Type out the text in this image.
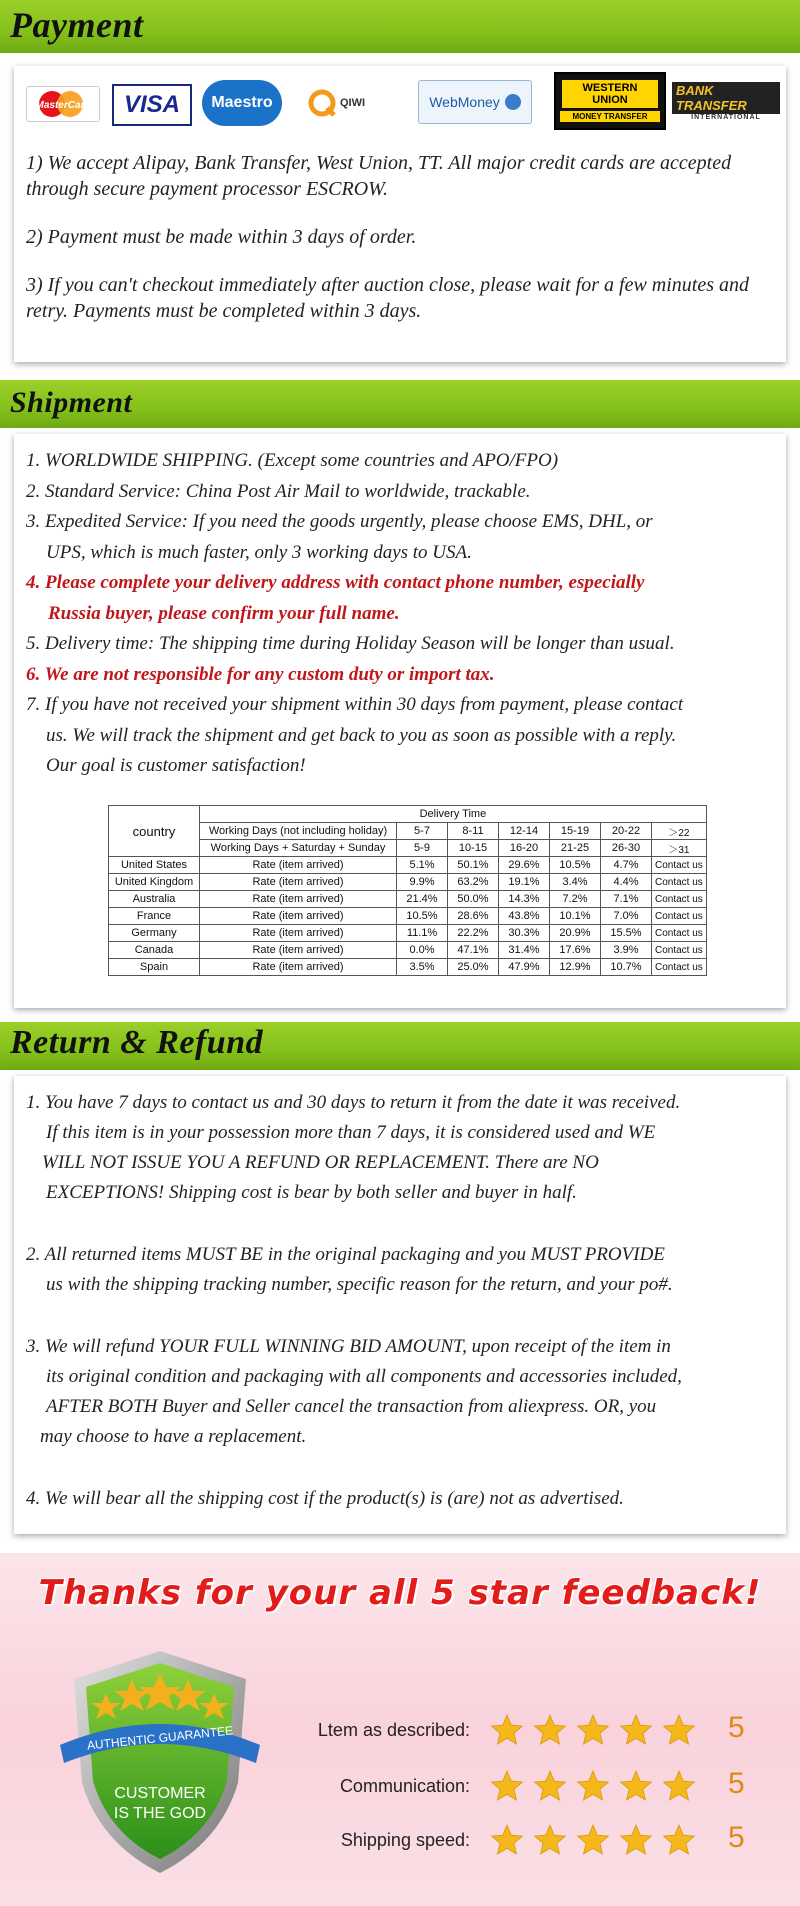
Payment
MasterCard VISA Maestro	QIWI	WebMoney
WESTERN UNION
MONEY TRANSFER
BANK TRANSFER
INTERNATIONAL

1) We accept Alipay, Bank Transfer, West Union, TT. All major credit cards are accepted through secure payment processor ESCROW.

2) Payment must be made within 3 days of order.

3) If you can't checkout immediately after auction close, please wait for a few minutes and retry. Payments must be completed within 3 days.

Shipment
1. WORLDWIDE SHIPPING. (Except some countries and APO/FPO)
2. Standard Service: China Post Air Mail to worldwide, trackable.
3. Expedited Service: If you need the goods urgently, please choose EMS, DHL, or
UPS, which is much faster, only 3 working days to USA.
4. Please complete your delivery address with contact phone number, especially
Russia buyer, please confirm your full name.
5. Delivery time: The shipping time during Holiday Season will be longer than usual.
6. We are not responsible for any custom duty or import tax.
7. If you have not received your shipment within 30 days from payment, please contact
us. We will track the shipment and get back to you as soon as possible with a reply.
Our goal is customer satisfaction!
country	Delivery Time						
	Working Days (not including holiday)	5-7	8-11	12-14	15-19	20-22	＞22
	Working Days + Saturday + Sunday	5-9	10-15	16-20	21-25	26-30	＞31
United States	Rate (item arrived)	5.1%	50.1%	29.6%	10.5%	4.7%	Contact us
United Kingdom	Rate (item arrived)	9.9%	63.2%	19.1%	3.4%	4.4%	Contact us
Australia	Rate (item arrived)	21.4%	50.0%	14.3%	7.2%	7.1%	Contact us
France	Rate (item arrived)	10.5%	28.6%	43.8%	10.1%	7.0%	Contact us
Germany	Rate (item arrived)	11.1%	22.2%	30.3%	20.9%	15.5%	Contact us
Canada	Rate (item arrived)	0.0%	47.1%	31.4%	17.6%	3.9%	Contact us
Spain	Rate (item arrived)	3.5%	25.0%	47.9%	12.9%	10.7%	Contact us
Return & Refund
1. You have 7 days to contact us and 30 days to return it from the date it was received.
If this item is in your possession more than 7 days, it is considered used and WE
WILL NOT ISSUE YOU A REFUND OR REPLACEMENT. There are NO
EXCEPTIONS! Shipping cost is bear by both seller and buyer in half.
2. All returned items MUST BE in the original packaging and you MUST PROVIDE
us with the shipping tracking number, specific reason for the return, and your po#.
3. We will refund YOUR FULL WINNING BID AMOUNT, upon receipt of the item in
its original condition and packaging with all components and accessories included,
AFTER BOTH Buyer and Seller cancel the transaction from aliexpress. OR, you
may choose to have a replacement.
4. We will bear all the shipping cost if the product(s) is (are) not as advertised.
Thanks for your all 5 star feedback!
AUTHENTIC GUARANTEE
CUSTOMER
IS THE GOD
Ltem as described:	5
Communication:	5
Shipping speed:	5
